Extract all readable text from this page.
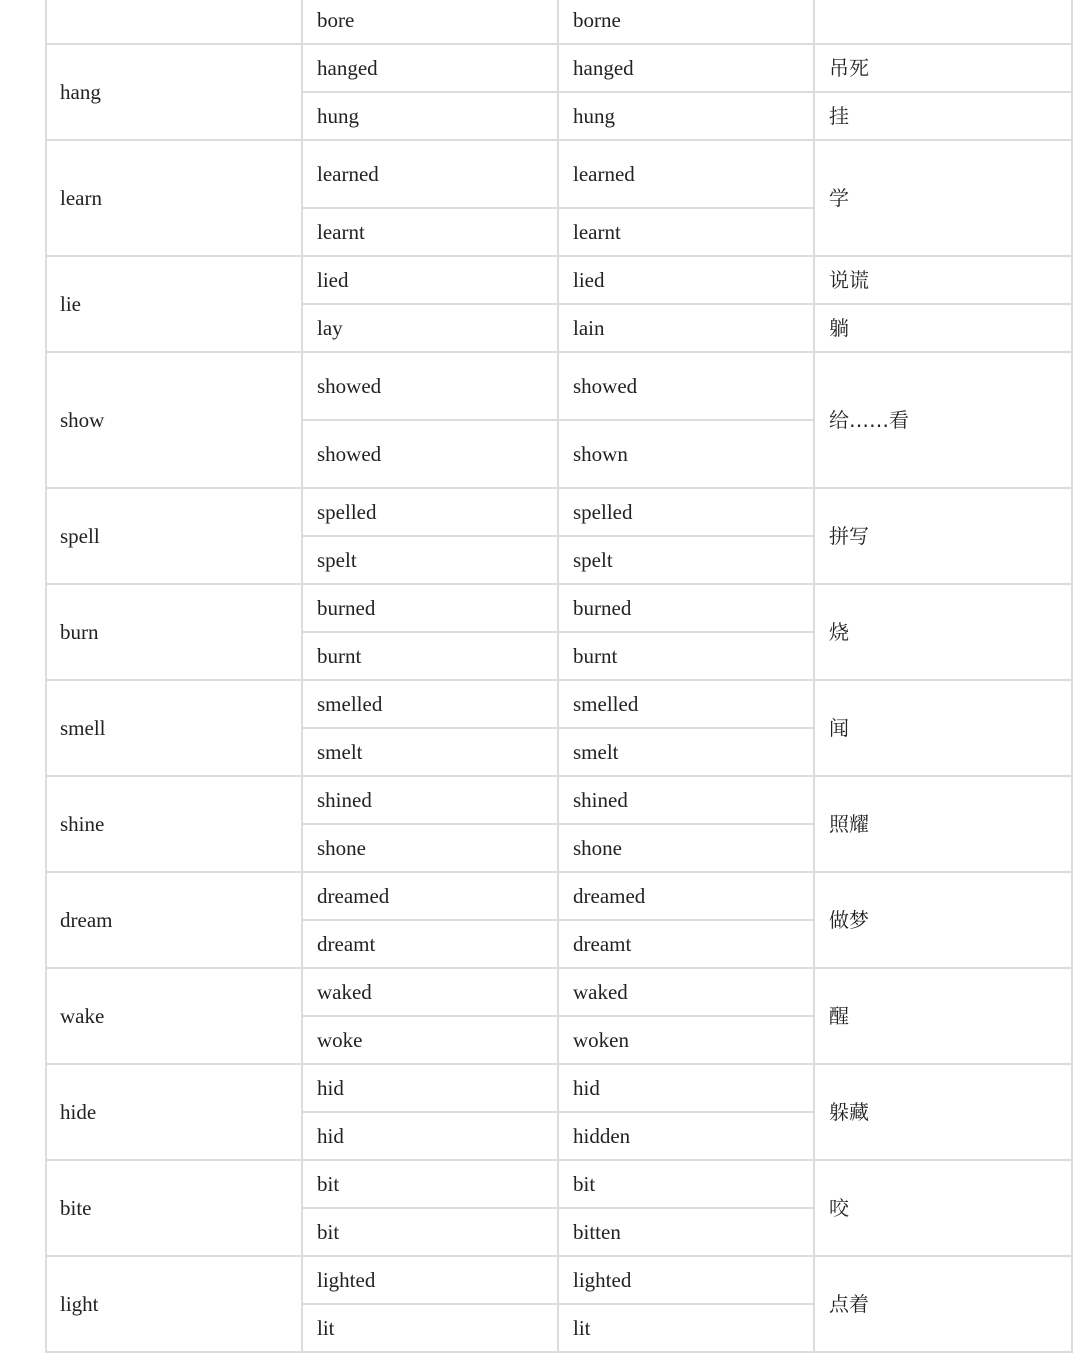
	bore	borne	
hang	hanged	hanged	吊死
	hung	hung	挂
learn	learned	learned	学
	learnt	learnt	
lie	lied	lied	说谎
	lay	lain	躺
show	showed	showed	给……看
	showed	shown	
spell	spelled	spelled	拼写
	spelt	spelt	
burn	burned	burned	烧
	burnt	burnt	
smell	smelled	smelled	闻
	smelt	smelt	
shine	shined	shined	照耀
	shone	shone	
dream	dreamed	dreamed	做梦
	dreamt	dreamt	
wake	waked	waked	醒
	woke	woken	
hide	hid	hid	躲藏
	hid	hidden	
bite	bit	bit	咬
	bit	bitten	
light	lighted	lighted	点着
	lit	lit	
